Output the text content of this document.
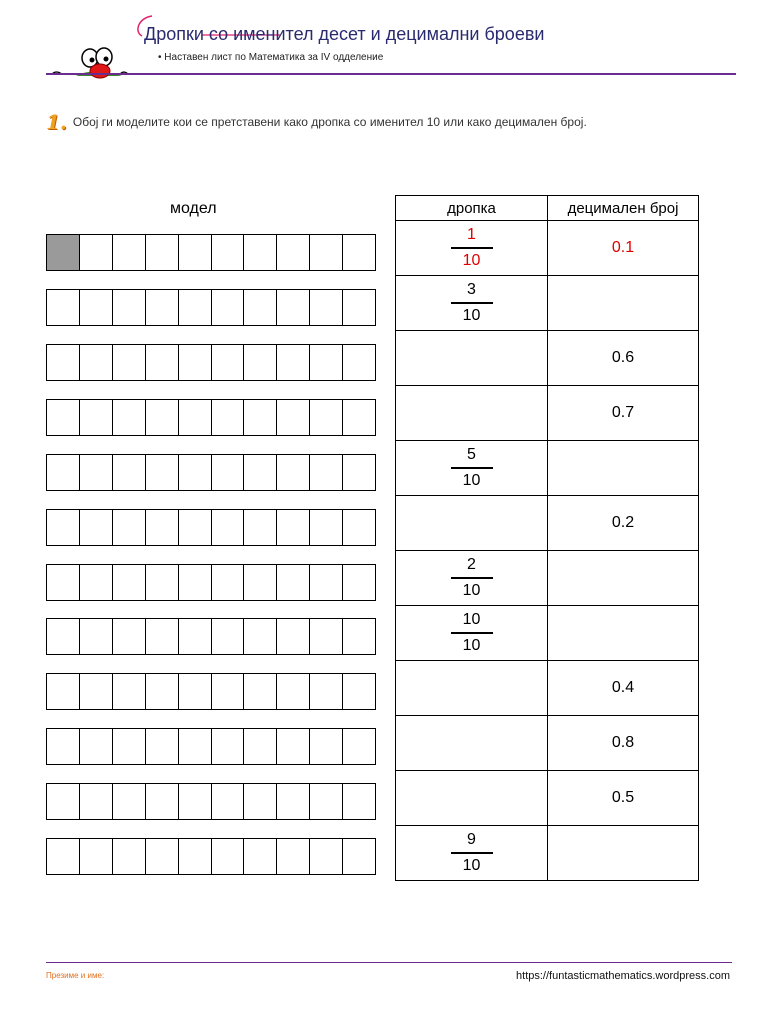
Дропки со именител десет и децимални броеви
• Наставен лист по Математика за IV одделение
1. Обој ги моделите кои се претставени како дропка со именител 10 или како децимален број.
модел	дропка	децимален број

$\frac{1}{10}$	0.1

$\frac{3}{10}$

	0.6
	0.7

$\frac{5}{10}$

	0.2

$\frac{2}{10}$

$\frac{10}{10}$

	0.4
	0.8
	0.5

$\frac{9}{10}$

Презиме и име:	https://funtasticmathematics.wordpress.com
